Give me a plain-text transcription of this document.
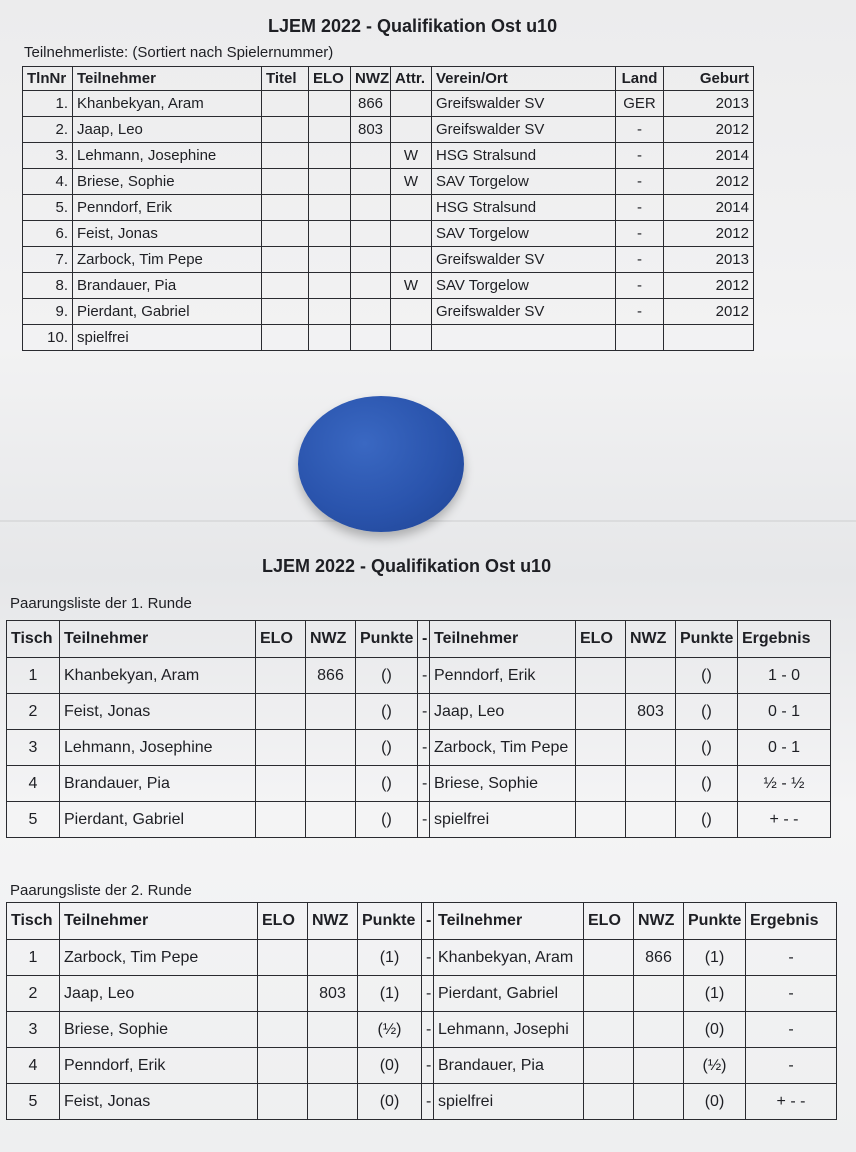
LJEM 2022 - Qualifikation Ost u10
Teilnehmerliste: (Sortiert nach Spielernummer)
TlnNr	Teilnehmer	Titel	ELO	NWZ	Attr.	Verein/Ort	Land	Geburt
1.	Khanbekyan, Aram			866		Greifswalder SV	GER	2013
2.	Jaap, Leo			803		Greifswalder SV	-	2012
3.	Lehmann, Josephine				W	HSG Stralsund	-	2014
4.	Briese, Sophie				W	SAV Torgelow	-	2012
5.	Penndorf, Erik					HSG Stralsund	-	2014
6.	Feist, Jonas					SAV Torgelow	-	2012
7.	Zarbock, Tim Pepe					Greifswalder SV	-	2013
8.	Brandauer, Pia				W	SAV Torgelow	-	2012
9.	Pierdant, Gabriel					Greifswalder SV	-	2012
10.	spielfrei							
LJEM 2022 - Qualifikation Ost u10
Paarungsliste der 1. Runde
Tisch	Teilnehmer	ELO	NWZ	Punkte	-	Teilnehmer	ELO	NWZ	Punkte	Ergebnis
1	Khanbekyan, Aram		866	()	-	Penndorf, Erik			()	1 - 0
2	Feist, Jonas			()	-	Jaap, Leo		803	()	0 - 1
3	Lehmann, Josephine			()	-	Zarbock, Tim Pepe			()	0 - 1
4	Brandauer, Pia			()	-	Briese, Sophie			()	½ - ½
5	Pierdant, Gabriel			()	-	spielfrei			()	+ - -
Paarungsliste der 2. Runde
Tisch	Teilnehmer	ELO	NWZ	Punkte	-	Teilnehmer	ELO	NWZ	Punkte	Ergebnis
1	Zarbock, Tim Pepe			(1)	-	Khanbekyan, Aram		866	(1)	-
2	Jaap, Leo		803	(1)	-	Pierdant, Gabriel			(1)	-
3	Briese, Sophie			(½)	-	Lehmann, Josephi			(0)	-
4	Penndorf, Erik			(0)	-	Brandauer, Pia			(½)	-
5	Feist, Jonas			(0)	-	spielfrei			(0)	+ - -
